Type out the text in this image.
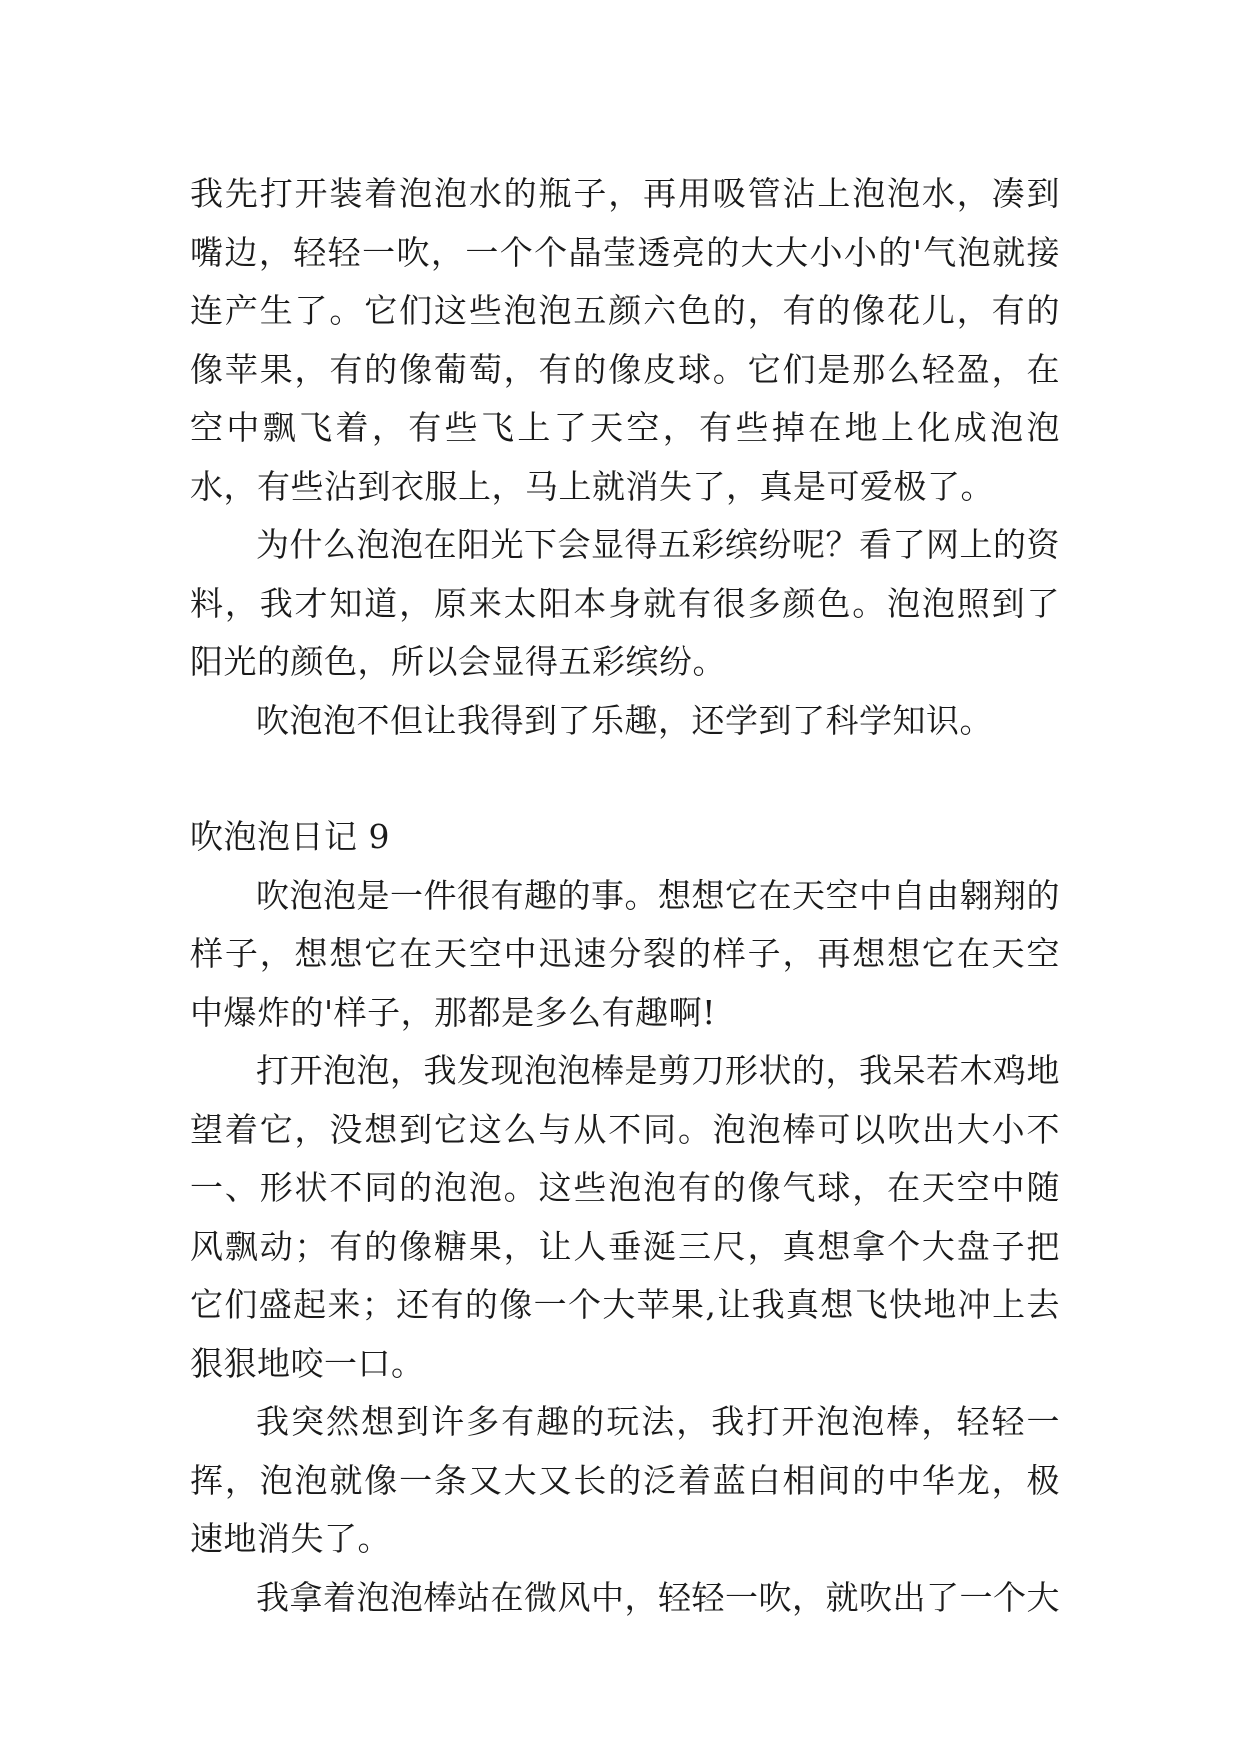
我先打开装着泡泡水的瓶子，再用吸管沾上泡泡水，凑到嘴边，轻轻一吹，一个个晶莹透亮的大大小小的'气泡就接连产生了。它们这些泡泡五颜六色的，有的像花儿，有的像苹果，有的像葡萄，有的像皮球。它们是那么轻盈，在空中飘飞着，有些飞上了天空，有些掉在地上化成泡泡水，有些沾到衣服上，马上就消失了，真是可爱极了。

为什么泡泡在阳光下会显得五彩缤纷呢？看了网上的资料，我才知道，原来太阳本身就有很多颜色。泡泡照到了阳光的颜色，所以会显得五彩缤纷。

吹泡泡不但让我得到了乐趣，还学到了科学知识。

吹泡泡日记 9

吹泡泡是一件很有趣的事。想想它在天空中自由翱翔的样子，想想它在天空中迅速分裂的样子，再想想它在天空中爆炸的'样子，那都是多么有趣啊!

打开泡泡，我发现泡泡棒是剪刀形状的，我呆若木鸡地望着它，没想到它这么与从不同。泡泡棒可以吹出大小不一、形状不同的泡泡。这些泡泡有的像气球，在天空中随风飘动；有的像糖果，让人垂涎三尺，真想拿个大盘子把它们盛起来；还有的像一个大苹果,让我真想飞快地冲上去狠狠地咬一口。

我突然想到许多有趣的玩法，我打开泡泡棒，轻轻一挥，泡泡就像一条又大又长的泛着蓝白相间的中华龙，极速地消失了。

我拿着泡泡棒站在微风中，轻轻一吹，就吹出了一个大
